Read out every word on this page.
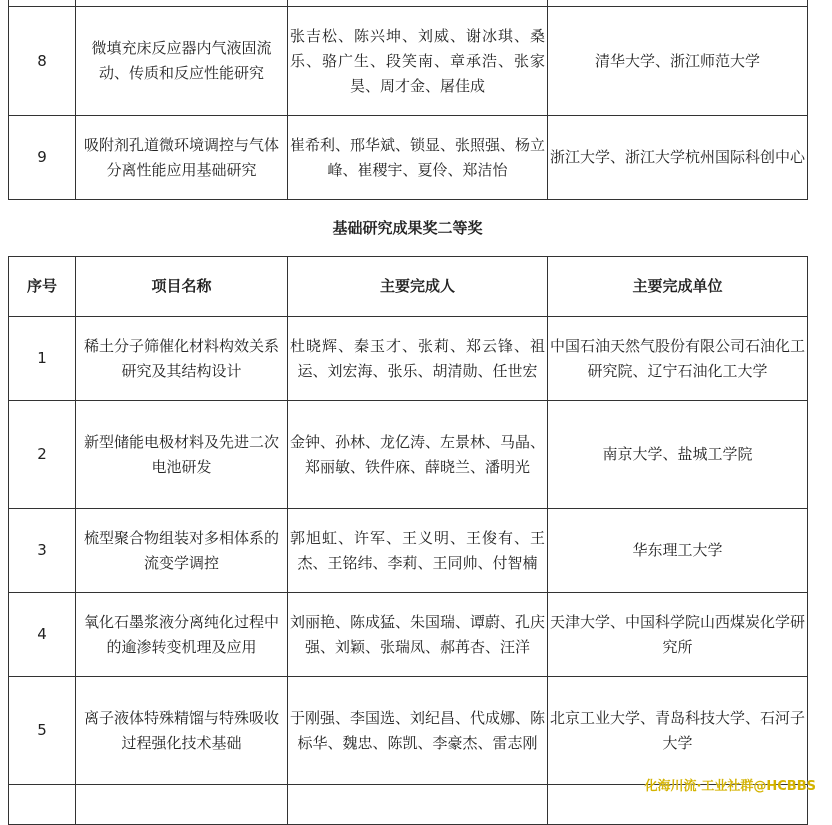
8	微填充床反应器内气液固流动、传质和反应性能研究	张吉松、陈兴坤、刘威、谢冰琪、桑乐、骆广生、段笑南、章承浩、张家昊、周才金、屠佳成	清华大学、浙江师范大学
9	吸附剂孔道微环境调控与气体分离性能应用基础研究	崔希利、邢华斌、锁显、张照强、杨立峰、崔稷宇、夏伶、郑洁怡	浙江大学、浙江大学杭州国际科创中心
基础研究成果奖二等奖
序号	项目名称	主要完成人	主要完成单位
1	稀土分子筛催化材料构效关系研究及其结构设计	杜晓辉、秦玉才、张莉、郑云锋、祖运、刘宏海、张乐、胡清勋、任世宏	中国石油天然气股份有限公司石油化工研究院、辽宁石油化工大学
2	新型储能电极材料及先进二次电池研发	金钟、孙林、龙亿涛、左景林、马晶、郑丽敏、铁件庥、薛晓兰、潘明光	南京大学、盐城工学院
3	梳型聚合物组装对多相体系的流变学调控	郭旭虹、许军、王义明、王俊有、王杰、王铭纬、李莉、王同帅、付智楠	华东理工大学
4	氧化石墨浆液分离纯化过程中的逾渗转变机理及应用	刘丽艳、陈成猛、朱国瑞、谭蔚、孔庆强、刘颖、张瑞凤、郝苒杏、汪洋	天津大学、中国科学院山西煤炭化学研究所
5	离子液体特殊精馏与特殊吸收过程强化技术基础	于刚强、李国选、刘纪昌、代成娜、陈标华、魏忠、陈凯、李豪杰、雷志刚	北京工业大学、青岛科技大学、石河子大学

化海川流·工业社群@HCBBS
